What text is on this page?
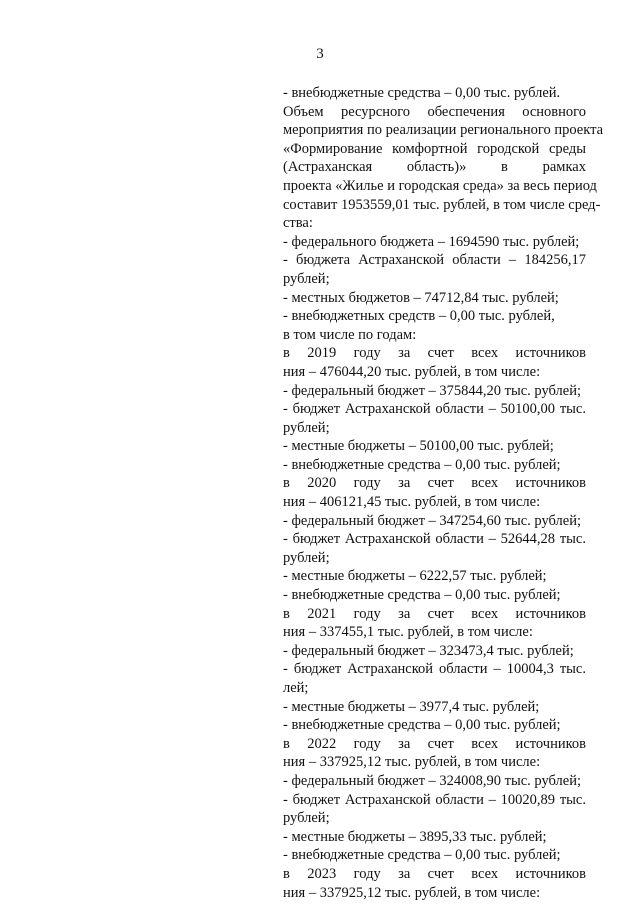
3
- внебюджетные средства – 0,00 тыс. рублей.
Объем ресурсного обеспечения основного
мероприятия по реализации регионального проекта
«Формирование комфортной городской среды
(Астраханская область)» в рамках
проекта «Жилье и городская среда» за весь период
составит 1953559,01 тыс. рублей, в том числе сред-
ства:
- федерального бюджета – 1694590 тыс. рублей;
- бюджета Астраханской области – 184256,17
рублей;
- местных бюджетов – 74712,84 тыс. рублей;
- внебюджетных средств – 0,00 тыс. рублей,
в том числе по годам:
в 2019 году за счет всех источников
ния – 476044,20 тыс. рублей, в том числе:
- федеральный бюджет – 375844,20 тыс. рублей;
- бюджет Астраханской области – 50100,00 тыс.
рублей;
- местные бюджеты – 50100,00 тыс. рублей;
- внебюджетные средства – 0,00 тыс. рублей;
в 2020 году за счет всех источников
ния – 406121,45 тыс. рублей, в том числе:
- федеральный бюджет – 347254,60 тыс. рублей;
- бюджет Астраханской области – 52644,28 тыс.
рублей;
- местные бюджеты – 6222,57 тыс. рублей;
- внебюджетные средства – 0,00 тыс. рублей;
в 2021 году за счет всех источников
ния – 337455,1 тыс. рублей, в том числе:
- федеральный бюджет – 323473,4 тыс. рублей;
- бюджет Астраханской области – 10004,3 тыс.
лей;
- местные бюджеты – 3977,4 тыс. рублей;
- внебюджетные средства – 0,00 тыс. рублей;
в 2022 году за счет всех источников
ния – 337925,12 тыс. рублей, в том числе:
- федеральный бюджет – 324008,90 тыс. рублей;
- бюджет Астраханской области – 10020,89 тыс.
рублей;
- местные бюджеты – 3895,33 тыс. рублей;
- внебюджетные средства – 0,00 тыс. рублей;
в 2023 году за счет всех источников
ния – 337925,12 тыс. рублей, в том числе:
